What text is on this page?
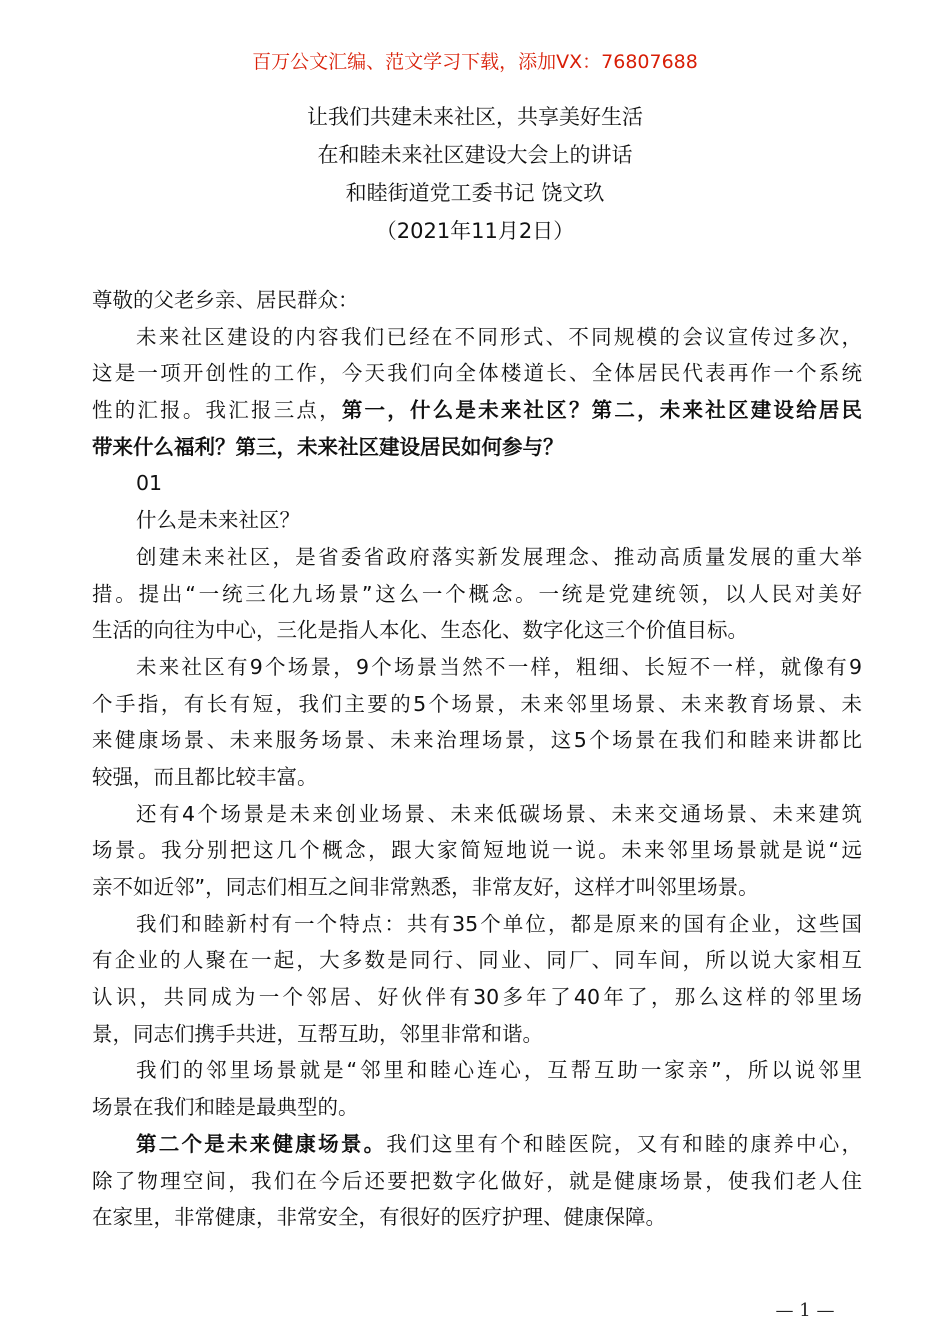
百万公文汇编、范文学习下载，添加VX：76807688
让我们共建未来社区，共享美好生活
在和睦未来社区建设大会上的讲话
和睦街道党工委书记 饶文玖
（2021年11月2日）
尊敬的父老乡亲、居民群众：
未来社区建设的内容我们已经在不同形式、不同规模的会议宣传过多次，
这是一项开创性的工作，今天我们向全体楼道长、全体居民代表再作一个系统
性的汇报。我汇报三点，第一，什么是未来社区？第二，未来社区建设给居民
带来什么福利？第三，未来社区建设居民如何参与？
01
什么是未来社区？
创建未来社区，是省委省政府落实新发展理念、推动高质量发展的重大举
措。提出“一统三化九场景”这么一个概念。一统是党建统领，以人民对美好
生活的向往为中心，三化是指人本化、生态化、数字化这三个价值目标。
未来社区有9个场景，9个场景当然不一样，粗细、长短不一样，就像有9
个手指，有长有短，我们主要的5个场景，未来邻里场景、未来教育场景、未
来健康场景、未来服务场景、未来治理场景，这5个场景在我们和睦来讲都比
较强，而且都比较丰富。
还有4个场景是未来创业场景、未来低碳场景、未来交通场景、未来建筑
场景。我分别把这几个概念，跟大家简短地说一说。未来邻里场景就是说“远
亲不如近邻”，同志们相互之间非常熟悉，非常友好，这样才叫邻里场景。
我们和睦新村有一个特点：共有35个单位，都是原来的国有企业，这些国
有企业的人聚在一起，大多数是同行、同业、同厂、同车间，所以说大家相互
认识，共同成为一个邻居、好伙伴有30多年了40年了，那么这样的邻里场
景，同志们携手共进，互帮互助，邻里非常和谐。
我们的邻里场景就是“邻里和睦心连心，互帮互助一家亲”，所以说邻里
场景在我们和睦是最典型的。
第二个是未来健康场景。我们这里有个和睦医院，又有和睦的康养中心，
除了物理空间，我们在今后还要把数字化做好，就是健康场景，使我们老人住
在家里，非常健康，非常安全，有很好的医疗护理、健康保障。
— 1 —
